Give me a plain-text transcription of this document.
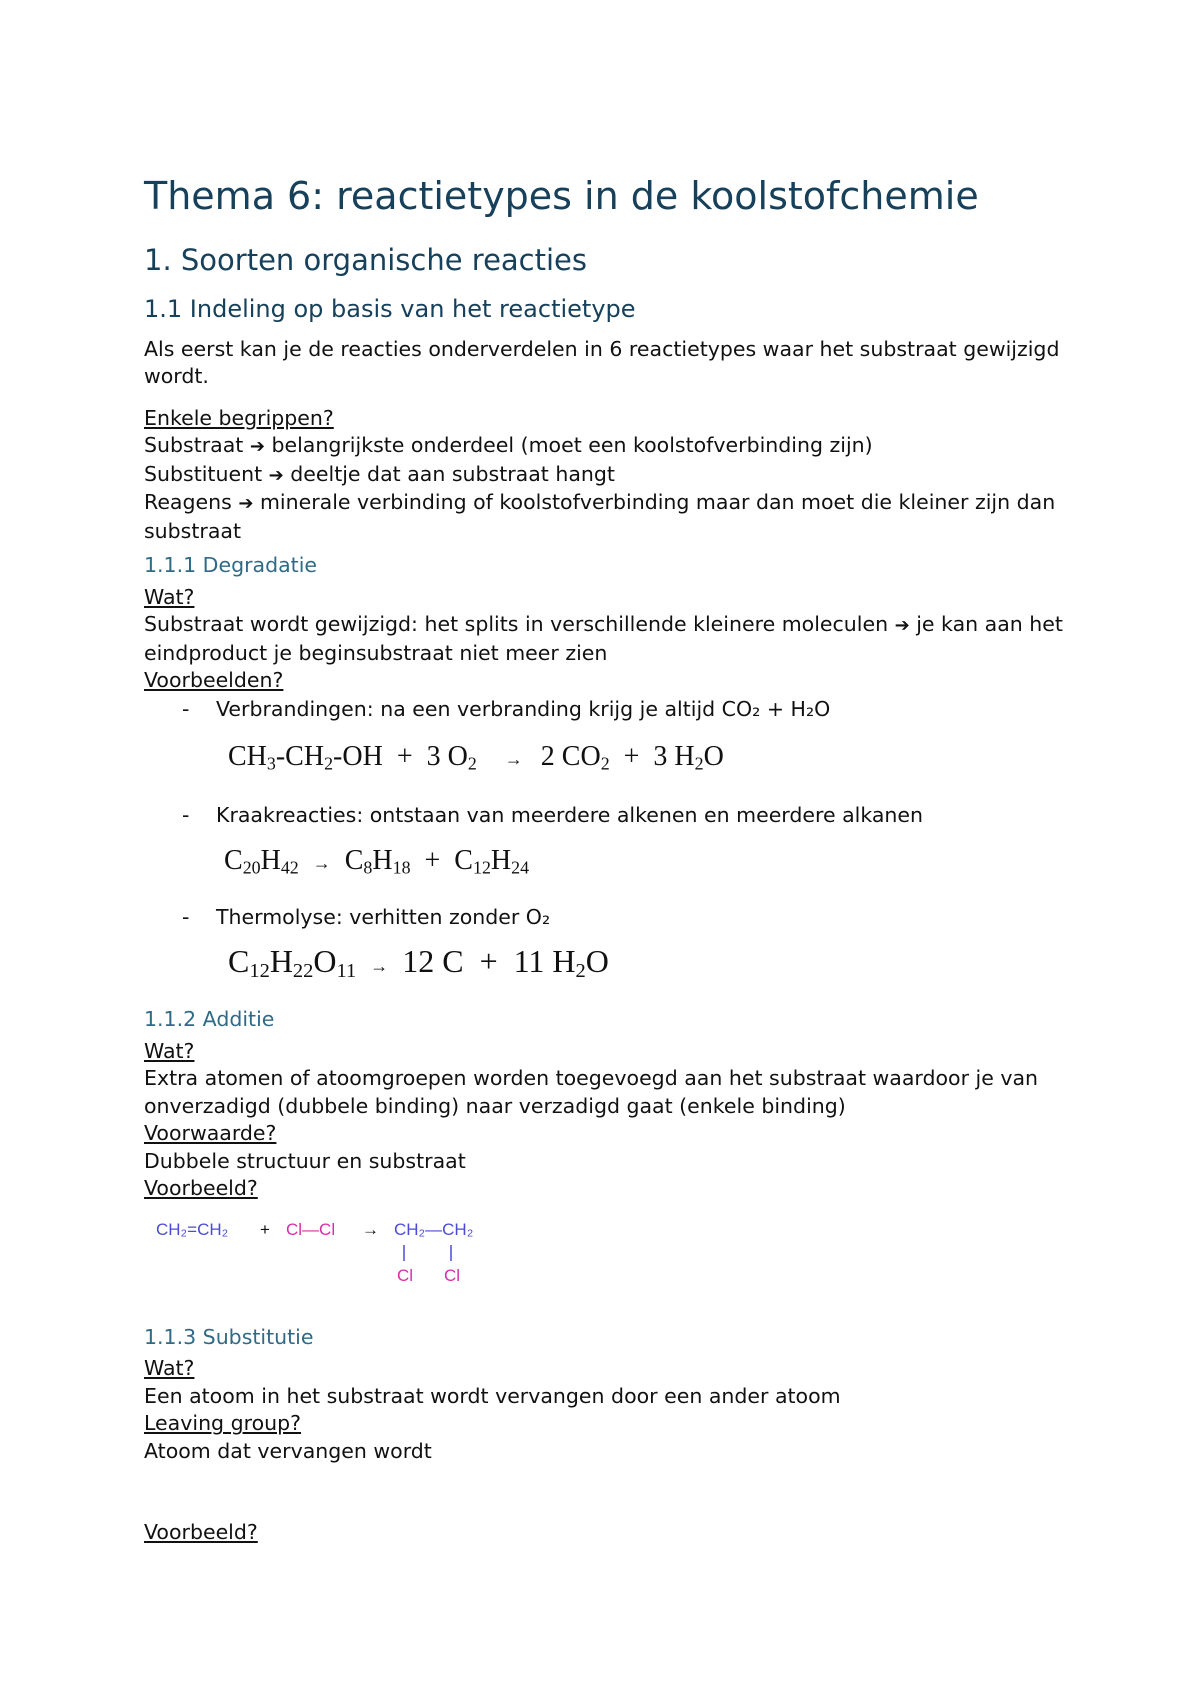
Thema 6: reactietypes in de koolstofchemie
1. Soorten organische reacties
1.1 Indeling op basis van het reactietype

Als eerst kan je de reacties onderverdelen in 6 reactietypes waar het substraat gewijzigd wordt.

Enkele begrippen?

Substraat ➔ belangrijkste onderdeel (moet een koolstofverbinding zijn)

Substituent ➔ deeltje dat aan substraat hangt

Reagens ➔ minerale verbinding of koolstofverbinding maar dan moet die kleiner zijn dan substraat

1.1.1 Degradatie

Wat?

Substraat wordt gewijzigd: het splits in verschillende kleinere moleculen ➔ je kan aan het eindproduct je beginsubstraat niet meer zien

Voorbeelden?

- Verbrandingen: na een verbranding krijg je altijd CO₂ + H₂O

$CH_3-CH_2-OH + 3$ $O_2 \to 2$ $CO_2 + 3$ $H_2O$

- Kraakreacties: ontstaan van meerdere alkenen en meerdere alkanen

$C_{20}H_{42} \to C_8H_{18} + C_{12}H_{24}$

- Thermolyse: verhitten zonder O₂

$C_{12}H_{22}O_{11} \to 12$ C  +  11 $H_2O$
1.1.2 Additie

Wat?

Extra atomen of atoomgroepen worden toegevoegd aan het substraat waardoor je van onverzadigd (dubbele binding) naar verzadigd gaat (enkele binding)

Voorwaarde?

Dubbele structuur en substraat

Voorbeeld?

CH₂=CH₂ + Cl—Cl → CH₂—CH₂
Cl Cl
1.1.3 Substitutie

Wat?

Een atoom in het substraat wordt vervangen door een ander atoom

Leaving group?

Atoom dat vervangen wordt

Voorbeeld?
